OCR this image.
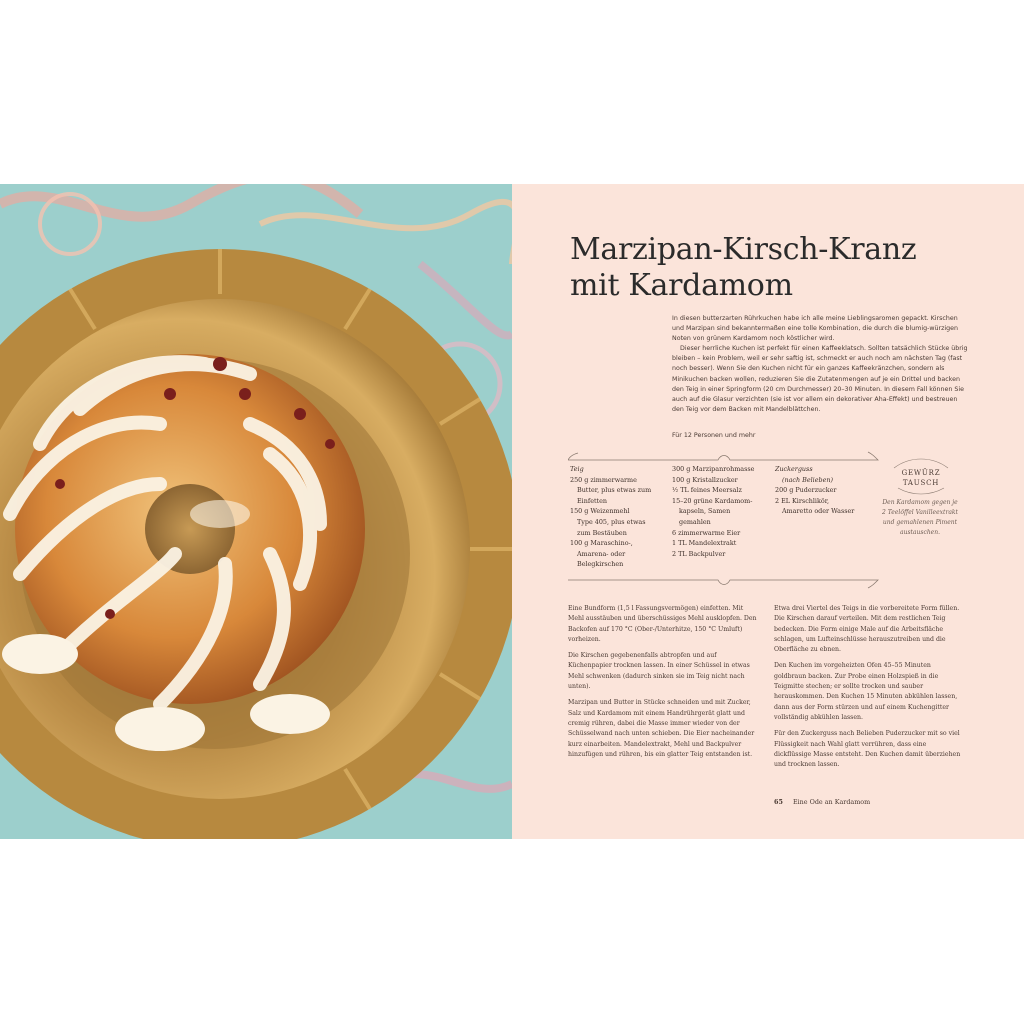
Marzipan-Kirsch-Kranz
mit Kardamom

In diesen butterzarten Rührkuchen habe ich alle meine Lieblingsaromen gepackt. Kirschen und Marzipan sind bekanntermaßen eine tolle Kombination, die durch die blumig-würzigen Noten von grünem Kardamom noch köstlicher wird.

Dieser herrliche Kuchen ist perfekt für einen Kaffeeklatsch. Sollten tatsächlich Stücke übrig bleiben – kein Problem, weil er sehr saftig ist, schmeckt er auch noch am nächsten Tag (fast noch besser). Wenn Sie den Kuchen nicht für ein ganzes Kaffeekränzchen, sondern als Minikuchen backen wollen, reduzieren Sie die Zutatenmengen auf je ein Drittel und backen den Teig in einer Springform (20 cm Durchmesser) 20–30 Minuten. In diesem Fall können Sie auch auf die Glasur verzichten (sie ist vor allem ein dekorativer Aha-Effekt) und bestreuen den Teig vor dem Backen mit Mandelblättchen.

Für 12 Personen und mehr
Teig
250 g zimmerwarme
Butter, plus etwas zum
Einfetten
150 g Weizenmehl
Type 405, plus etwas
zum Bestäuben
100 g Maraschino-,
Amarena- oder
Belegkirschen
300 g Marzipanrohmasse
100 g Kristallzucker
½ TL feines Meersalz
15–20 grüne Kardamom-
kapseln, Samen
gemahlen
6 zimmerwarme Eier
1 TL Mandelextrakt
2 TL Backpulver
Zuckerguss
(nach Belieben)
200 g Puderzucker
2 EL Kirschlikör,
Amaretto oder Wasser
GEWÜRZ
TAUSCH
Den Kardamom gegen je 2 Teelöffel Vanilleextrakt und gemahlenen Piment austauschen.

Eine Bundform (1,5 l Fassungsvermögen) einfetten. Mit Mehl ausstäuben und überschüssiges Mehl ausklopfen. Den Backofen auf 170 °C (Ober-/Unterhitze, 150 °C Umluft) vorheizen.

Die Kirschen gegebenenfalls abtropfen und auf Küchenpapier trocknen lassen. In einer Schüssel in etwas Mehl schwenken (dadurch sinken sie im Teig nicht nach unten).

Marzipan und Butter in Stücke schneiden und mit Zucker, Salz und Kardamom mit einem Handrührgerät glatt und cremig rühren, dabei die Masse immer wieder von der Schüsselwand nach unten schieben. Die Eier nacheinander kurz einarbeiten. Mandelextrakt, Mehl und Backpulver hinzufügen und rühren, bis ein glatter Teig entstanden ist.

Etwa drei Viertel des Teigs in die vorbereitete Form füllen. Die Kirschen darauf verteilen. Mit dem restlichen Teig bedecken. Die Form einige Male auf die Arbeitsfläche schlagen, um Lufteinschlüsse herauszutreiben und die Oberfläche zu ebnen.

Den Kuchen im vorgeheizten Ofen 45–55 Minuten goldbraun backen. Zur Probe einen Holzspieß in die Teigmitte stechen; er sollte trocken und sauber herauskommen. Den Kuchen 15 Minuten abkühlen lassen, dann aus der Form stürzen und auf einem Kuchengitter vollständig abkühlen lassen.

Für den Zuckerguss nach Belieben Puderzucker mit so viel Flüssigkeit nach Wahl glatt verrühren, dass eine dickflüssige Masse entsteht. Den Kuchen damit überziehen und trocknen lassen.

65 Eine Ode an Kardamom
